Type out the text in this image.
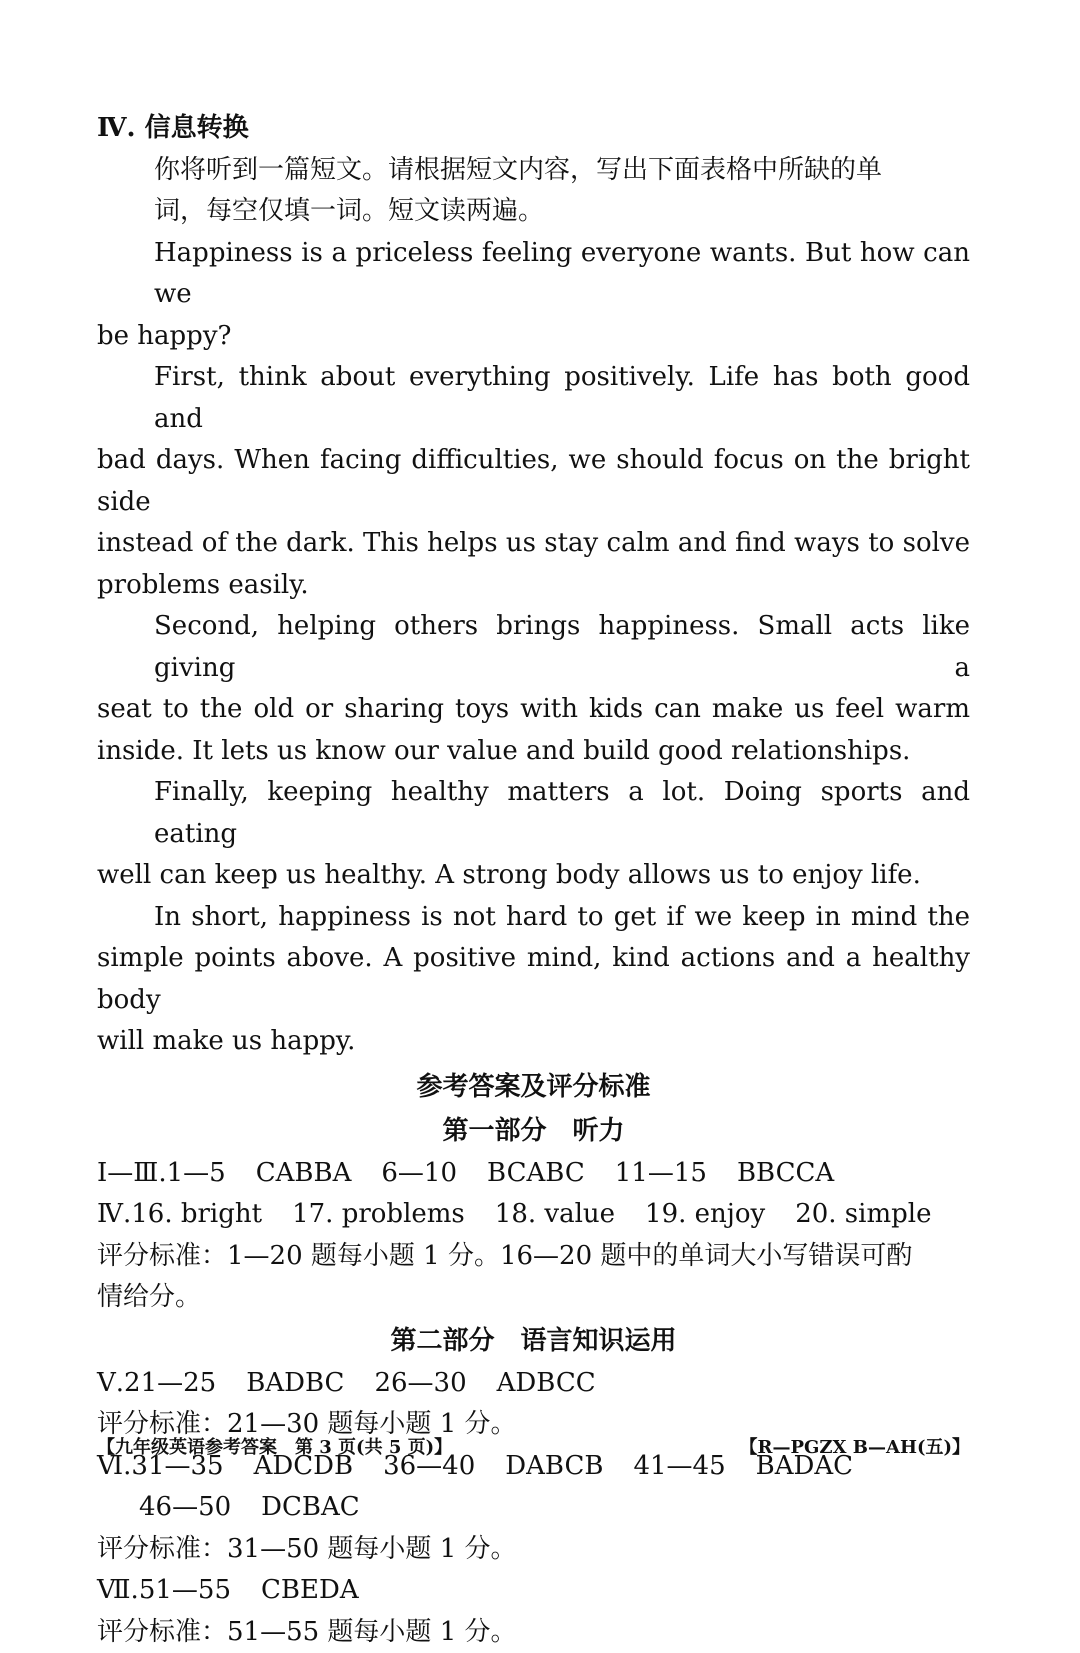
Ⅳ. 信息转换
你将听到一篇短文。请根据短文内容，写出下面表格中所缺的单
词，每空仅填一词。短文读两遍。
Happiness is a priceless feeling everyone wants. But how can we
be happy?
First, think about everything positively. Life has both good and
bad days. When facing difficulties, we should focus on the bright side
instead of the dark. This helps us stay calm and find ways to solve
problems easily.
Second, helping others brings happiness. Small acts like giving a
seat to the old or sharing toys with kids can make us feel warm
inside. It lets us know our value and build good relationships.
Finally, keeping healthy matters a lot. Doing sports and eating
well can keep us healthy. A strong body allows us to enjoy life.
In short, happiness is not hard to get if we keep in mind the
simple points above. A positive mind, kind actions and a healthy body
will make us happy.
参考答案及评分标准
第一部分　听力
Ⅰ—Ⅲ.1—5 CABBA 6—10 BCABC 11—15 BBCCA
Ⅳ.16. bright 17. problems 18. value 19. enjoy 20. simple
评分标准：1—20 题每小题 1 分。16—20 题中的单词大小写错误可酌
情给分。
第二部分　语言知识运用
Ⅴ.21—25 BADBC 26—30 ADBCC
评分标准：21—30 题每小题 1 分。
Ⅵ.31—35 ADCDB 36—40 DABCB 41—45 BADAC
46—50 DCBAC
评分标准：31—50 题每小题 1 分。
Ⅶ.51—55 CBEDA
评分标准：51—55 题每小题 1 分。
【九年级英语参考答案　第 3 页(共 5 页)】	【R—PGZX B—AH(五)】
